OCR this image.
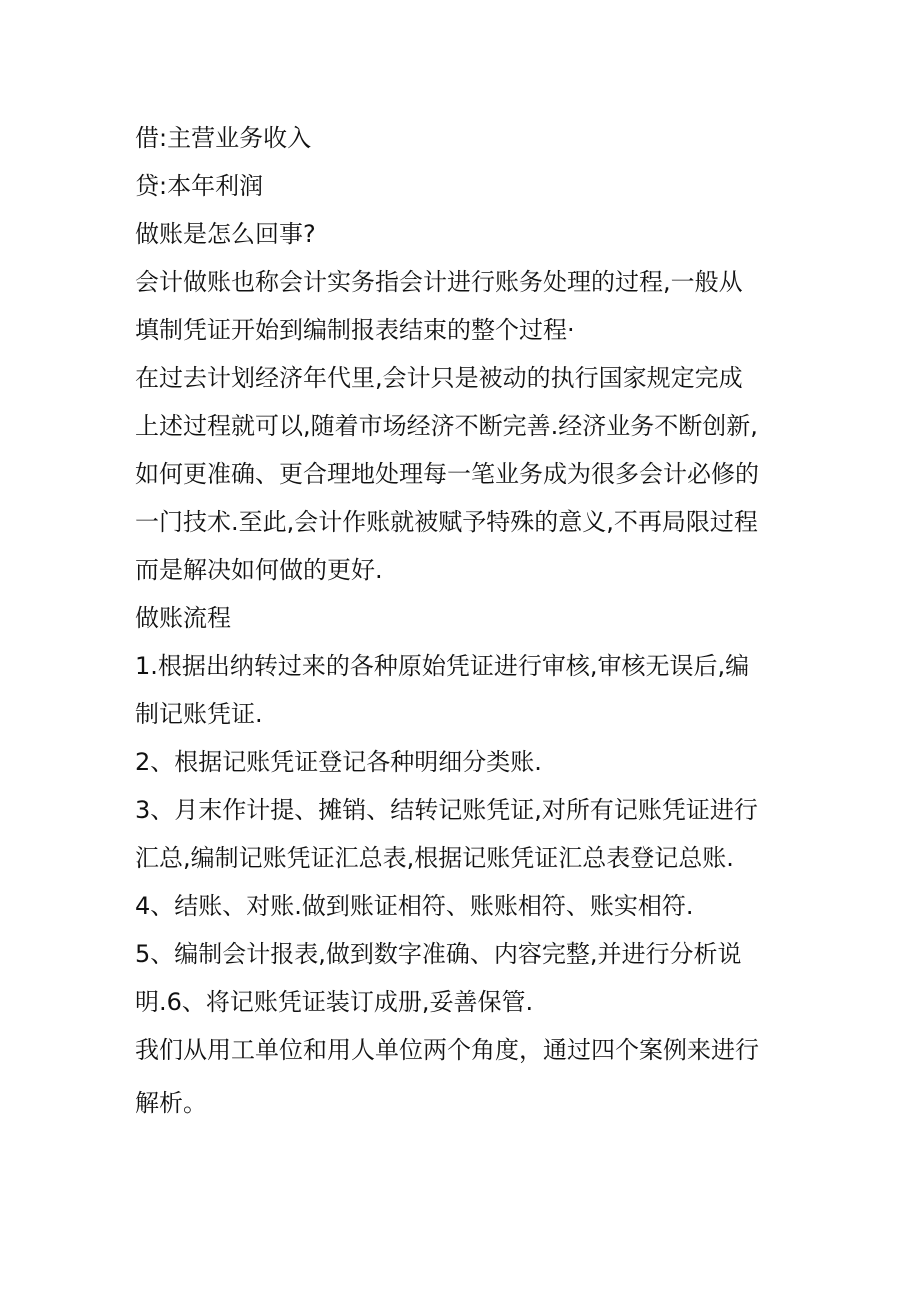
借:主营业务收入
贷:本年利润
做账是怎么回事?
会计做账也称会计实务指会计进行账务处理的过程,一般从
填制凭证开始到编制报表结束的整个过程·
在过去计划经济年代里,会计只是被动的执行国家规定完成
上述过程就可以,随着市场经济不断完善.经济业务不断创新,
如何更准确、更合理地处理每一笔业务成为很多会计必修的
一门技术.至此,会计作账就被赋予特殊的意义,不再局限过程
而是解决如何做的更好.
做账流程
1.根据出纳转过来的各种原始凭证进行审核,审核无误后,编
制记账凭证.
2、根据记账凭证登记各种明细分类账.
3、月末作计提、摊销、结转记账凭证,对所有记账凭证进行
汇总,编制记账凭证汇总表,根据记账凭证汇总表登记总账.
4、结账、对账.做到账证相符、账账相符、账实相符.
5、编制会计报表,做到数字准确、内容完整,并进行分析说
明.6、将记账凭证装订成册,妥善保管.
我们从用工单位和用人单位两个角度，通过四个案例来进行
解析。
